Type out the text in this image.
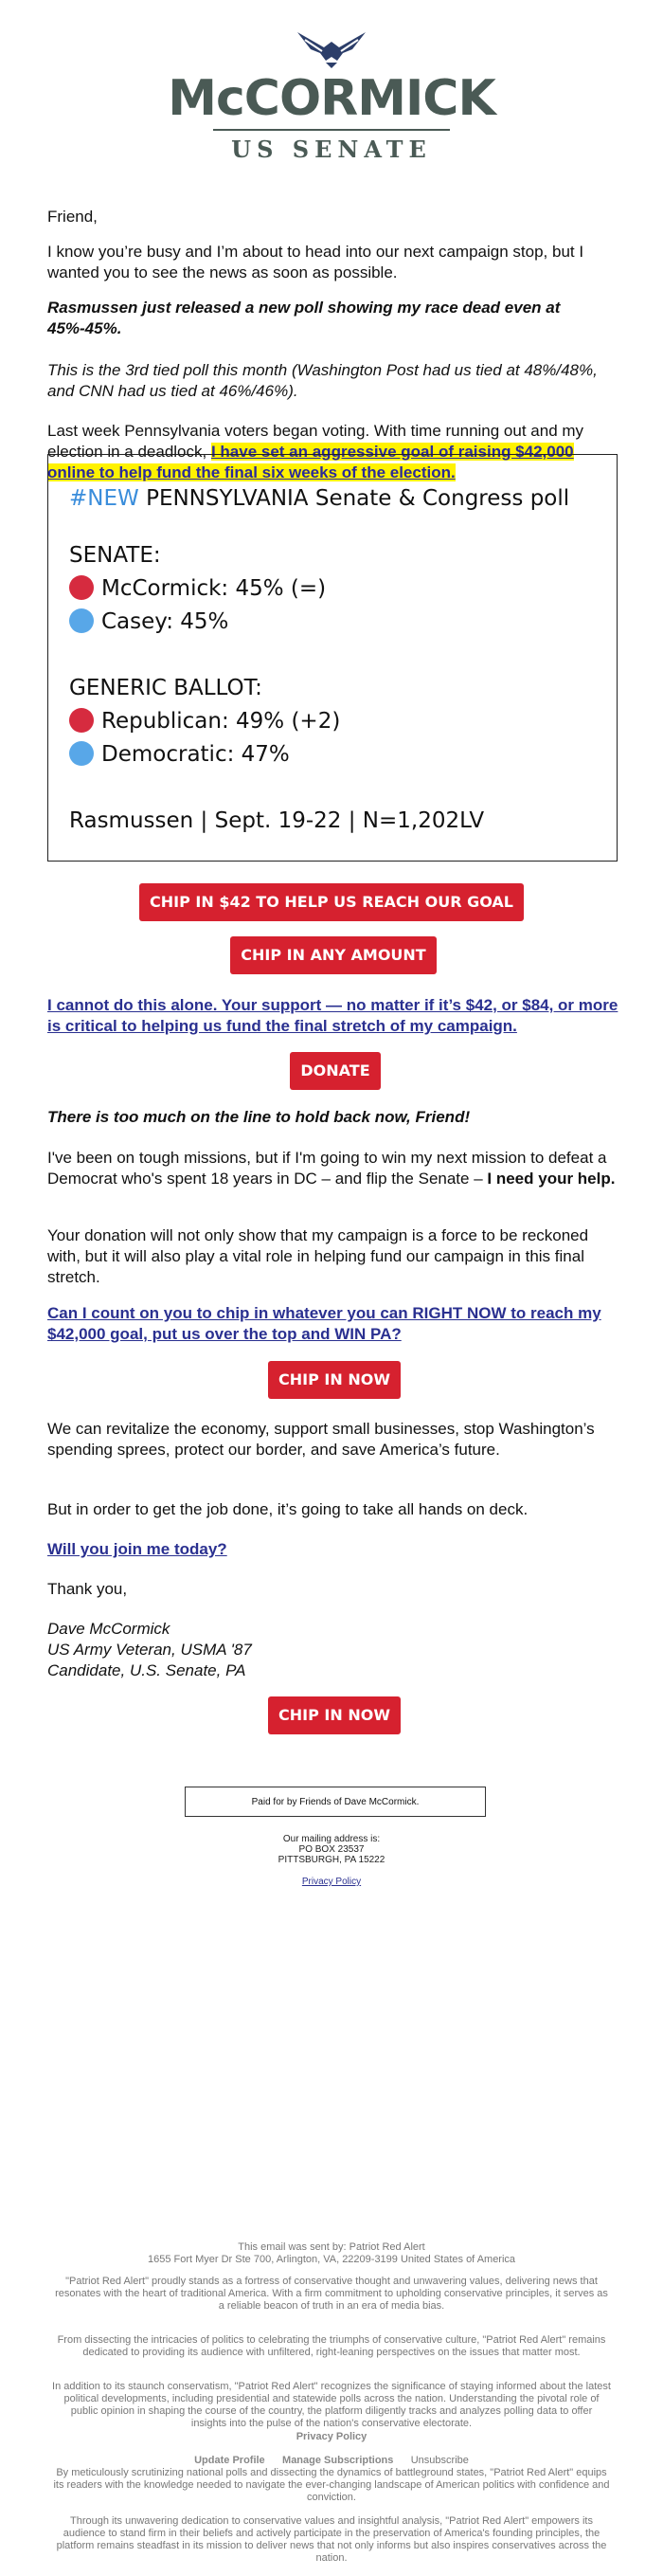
McCORMICK
US SENATE

Friend,

I know you’re busy and I’m about to head into our next campaign stop, but I wanted you to see the news as soon as possible.

Rasmussen just released a new poll showing my race dead even at 45%-45%.

This is the 3rd tied poll this month (Washington Post had us tied at 48%/48%, and CNN had us tied at 46%/46%).

Last week Pennsylvania voters began voting. With time running out and my election in a deadlock, I have set an aggressive goal of raising $42,000 online to help fund the final six weeks of the election.

#NEW PENNSYLVANIA Senate & Congress poll
SENATE:
McCormick: 45% (=)
Casey: 45%
GENERIC BALLOT:
Republican: 49% (+2)
Democratic: 47%
Rasmussen | Sept. 19-22 | N=1,202LV
CHIP IN $42 TO HELP US REACH OUR GOAL
CHIP IN ANY AMOUNT

I cannot do this alone. Your support — no matter if it’s $42, or $84, or more is critical to helping us fund the final stretch of my campaign.

DONATE

There is too much on the line to hold back now, Friend!

I've been on tough missions, but if I'm going to win my next mission to defeat a Democrat who's spent 18 years in DC – and flip the Senate – I need your help.

Your donation will not only show that my campaign is a force to be reckoned with, but it will also play a vital role in helping fund our campaign in this final stretch.

Can I count on you to chip in whatever you can RIGHT NOW to reach my $42,000 goal, put us over the top and WIN PA?

CHIP IN NOW

We can revitalize the economy, support small businesses, stop Washington’s spending sprees, protect our border, and save America’s future.

But in order to get the job done, it’s going to take all hands on deck.

Will you join me today?

Thank you,

Dave McCormick

US Army Veteran, USMA '87

Candidate, U.S. Senate, PA

CHIP IN NOW
Paid for by Friends of Dave McCormick.
Our mailing address is:
PO BOX 23537
PITTSBURGH, PA 15222
Privacy Policy
This email was sent by: Patriot Red Alert
1655 Fort Myer Dr Ste 700, Arlington, VA, 22209-3199 United States of America
"Patriot Red Alert" proudly stands as a fortress of conservative thought and unwavering values, delivering news that resonates with the heart of traditional America. With a firm commitment to upholding conservative principles, it serves as a reliable beacon of truth in an era of media bias.
From dissecting the intricacies of politics to celebrating the triumphs of conservative culture, "Patriot Red Alert" remains dedicated to providing its audience with unfiltered, right-leaning perspectives on the issues that matter most.
In addition to its staunch conservatism, "Patriot Red Alert" recognizes the significance of staying informed about the latest political developments, including presidential and statewide polls across the nation. Understanding the pivotal role of public opinion in shaping the course of the country, the platform diligently tracks and analyzes polling data to offer insights into the pulse of the nation's conservative electorate.
Privacy Policy
Update Profile Manage Subscriptions Unsubscribe
By meticulously scrutinizing national polls and dissecting the dynamics of battleground states, "Patriot Red Alert" equips its readers with the knowledge needed to navigate the ever-changing landscape of American politics with confidence and conviction.
Through its unwavering dedication to conservative values and insightful analysis, "Patriot Red Alert" empowers its audience to stand firm in their beliefs and actively participate in the preservation of America's founding principles, the platform remains steadfast in its mission to deliver news that not only informs but also inspires conservatives across the nation.
